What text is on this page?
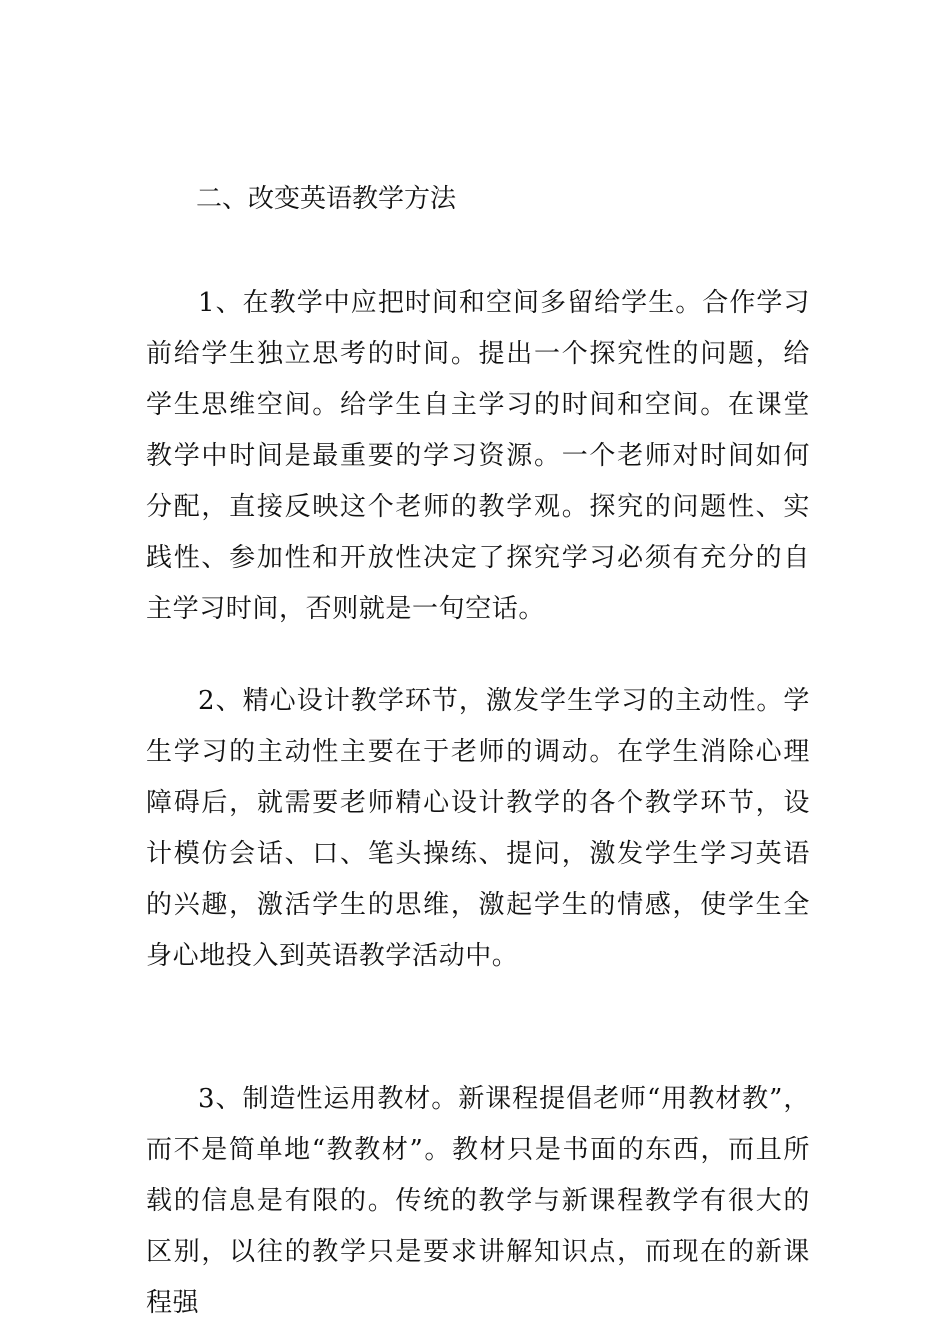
二、改变英语教学方法

1、在教学中应把时间和空间多留给学生。合作学习前给学生独立思考的时间。提出一个探究性的问题，给学生思维空间。给学生自主学习的时间和空间。在课堂教学中时间是最重要的学习资源。一个老师对时间如何分配，直接反映这个老师的教学观。探究的问题性、实践性、参加性和开放性决定了探究学习必须有充分的自主学习时间，否则就是一句空话。

2、精心设计教学环节，激发学生学习的主动性。学生学习的主动性主要在于老师的调动。在学生消除心理障碍后，就需要老师精心设计教学的各个教学环节，设计模仿会话、口、笔头操练、提问，激发学生学习英语的兴趣，激活学生的思维，激起学生的情感，使学生全身心地投入到英语教学活动中。

3、制造性运用教材。新课程提倡老师“用教材教”，而不是简单地“教教材”。教材只是书面的东西，而且所载的信息是有限的。传统的教学与新课程教学有很大的区别，以往的教学只是要求讲解知识点，而现在的新课程强
